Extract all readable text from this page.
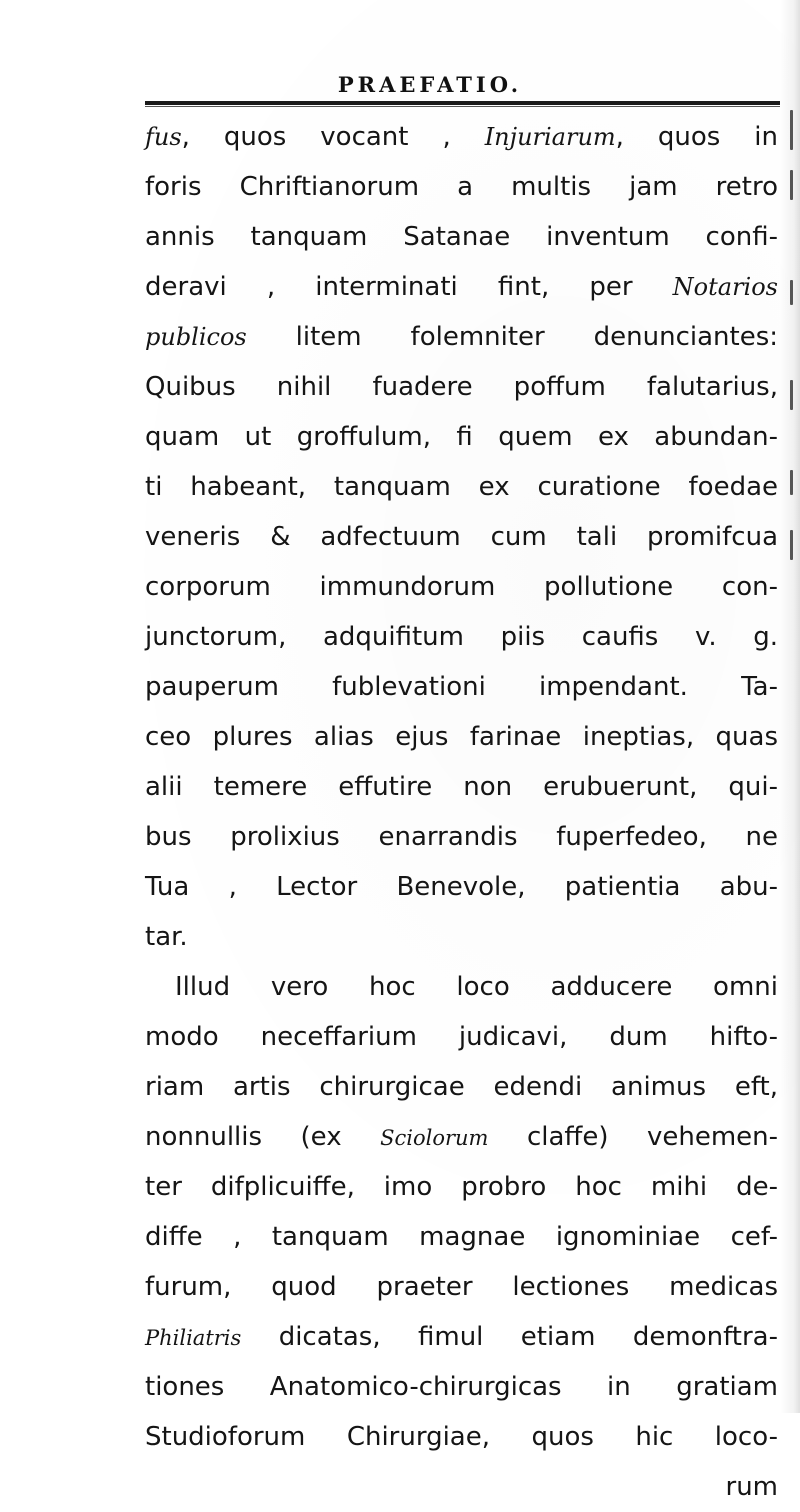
PRAEFATIO.
fus, quos vocant , Injuriarum, quos in
foris Chriftianorum a multis jam retro
annis tanquam Satanae inventum confi-
deravi , interminati fint, per Notarios
publicos litem folemniter denunciantes:
Quibus nihil fuadere poffum falutarius,
quam ut groffulum, fi quem ex abundan-
ti habeant, tanquam ex curatione foedae
veneris & adfectuum cum tali promifcua
corporum immundorum pollutione con-
junctorum, adquifitum piis caufis v. g.
pauperum fublevationi impendant. Ta-
ceo plures alias ejus farinae ineptias, quas
alii temere effutire non erubuerunt, qui-
bus prolixius enarrandis fuperfedeo, ne
Tua , Lector Benevole, patientia abu-
tar.
Illud vero hoc loco adducere omni
modo neceffarium judicavi, dum hifto-
riam artis chirurgicae edendi animus eft,
nonnullis (ex Sciolorum claffe) vehemen-
ter difplicuiffe, imo probro hoc mihi de-
diffe , tanquam magnae ignominiae cef-
furum, quod praeter lectiones medicas
Philiatris dicatas, fimul etiam demonftra-
tiones Anatomico-chirurgicas in gratiam
Studioforum Chirurgiae, quos hic loco-
rum
